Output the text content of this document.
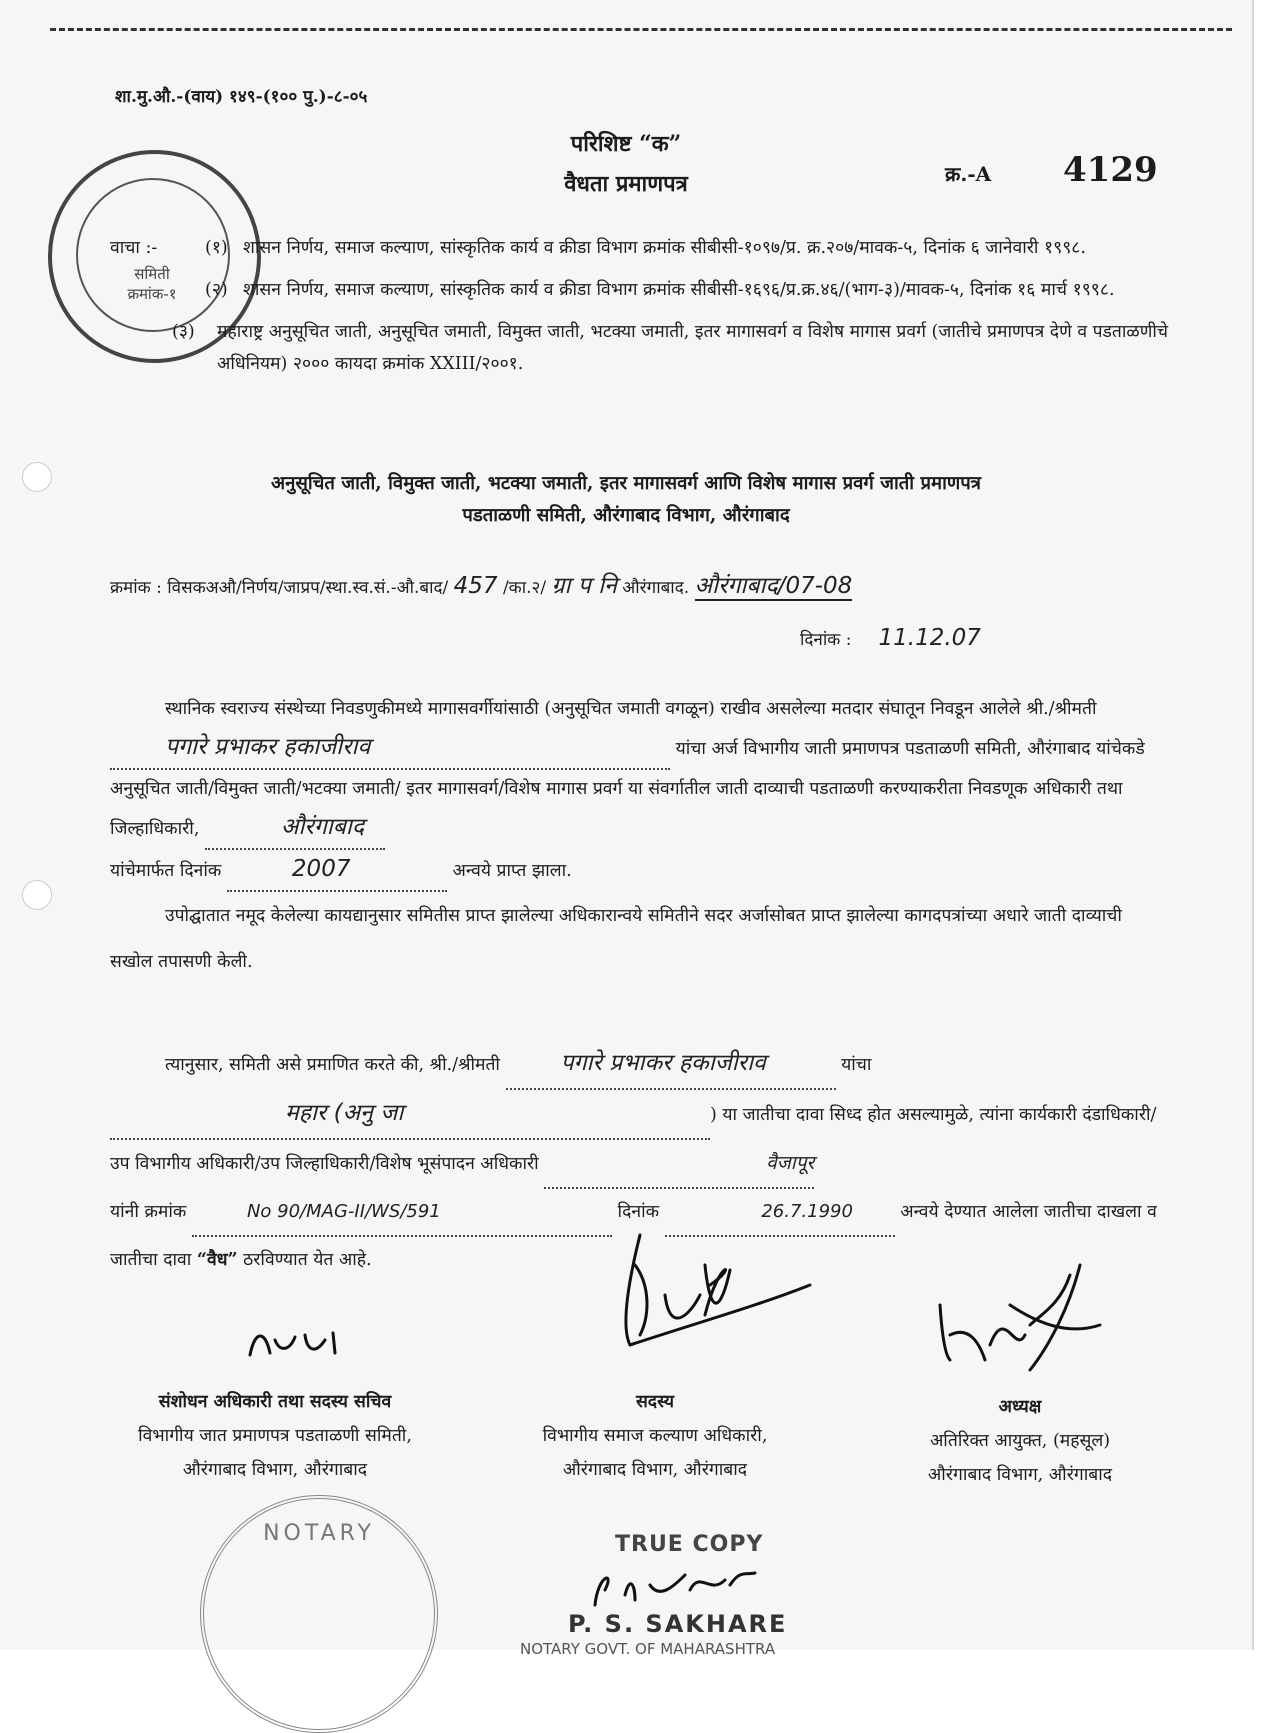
समिती
क्रमांक-१
शा.मु.औ.-(वाय) १४९-(१०० पु.)-८-०५
परिशिष्ट “क”
वैधता प्रमाणपत्र	क्र.-A 4129
वाचा :-	(१) शासन निर्णय, समाज कल्याण, सांस्कृतिक कार्य व क्रीडा विभाग क्रमांक सीबीसी-१०९७/प्र. क्र.२०७/मावक-५, दिनांक ६ जानेवारी १९९८.
(२) शासन निर्णय, समाज कल्याण, सांस्कृतिक कार्य व क्रीडा विभाग क्रमांक सीबीसी-१६९६/प्र.क्र.४६/(भाग-३)/मावक-५, दिनांक १६ मार्च १९९८.
(३)	महाराष्ट्र अनुसूचित जाती, अनुसूचित जमाती, विमुक्त जाती, भटक्या जमाती, इतर मागासवर्ग व विशेष मागास प्रवर्ग (जातीचे प्रमाणपत्र देणे व पडताळणीचे अधिनियम) २००० कायदा क्रमांक XXIII/२००१.
अनुसूचित जाती, विमुक्त जाती, भटक्या जमाती, इतर मागासवर्ग आणि विशेष मागास प्रवर्ग जाती प्रमाणपत्र
पडताळणी समिती, औरंगाबाद विभाग, औरंगाबाद
क्रमांक : विसकअऔ/निर्णय/जाप्रप/स्था.स्व.सं.-औ.बाद/ 457 /का.२/ ग्रा प नि औरंगाबाद. औरंगाबाद/07-08
दिनांक : 11.12.07
स्थानिक स्वराज्य संस्थेच्या निवडणुकीमध्ये मागासवर्गीयांसाठी (अनुसूचित जमाती वगळून) राखीव असलेल्या मतदार संघातून निवडून आलेले श्री./श्रीमती पगारे प्रभाकर हकाजीराव	यांचा अर्ज विभागीय जाती प्रमाणपत्र पडताळणी समिती, औरंगाबाद यांचेकडे अनुसूचित जाती/विमुक्त जाती/भटक्या जमाती/ इतर मागासवर्ग/विशेष मागास प्रवर्ग या संवर्गातील जाती दाव्याची पडताळणी करण्याकरीता निवडणूक अधिकारी तथा जिल्हाधिकारी,	औरंगाबाद
यांचेमार्फत दिनांक	2007	अन्वये प्राप्त झाला.
उपोद्घातात नमूद केलेल्या कायद्यानुसार समितीस प्राप्त झालेल्या अधिकारान्वये समितीने सदर अर्जासोबत प्राप्त झालेल्या कागदपत्रांच्या अधारे जाती दाव्याची सखोल तपासणी केली.
त्यानुसार, समिती असे प्रमाणित करते की, श्री./श्रीमती	पगारे प्रभाकर हकाजीराव	यांचा
महार (अनु जा	) या जातीचा दावा सिध्द होत असल्यामुळे, त्यांना कार्यकारी दंडाधिकारी/उप विभागीय अधिकारी/उप जिल्हाधिकारी/विशेष भूसंपादन अधिकारी	वैजापूर
यांनी क्रमांक	No 90/MAG-II/WS/591	दिनांक	26.7.1990	अन्वये देण्यात आलेला जातीचा दाखला व जातीचा दावा “वैध” ठरविण्यात येत आहे.
संशोधन अधिकारी तथा सदस्य सचिव
विभागीय जात प्रमाणपत्र पडताळणी समिती,
औरंगाबाद विभाग, औरंगाबाद
सदस्य
विभागीय समाज कल्याण अधिकारी,
औरंगाबाद विभाग, औरंगाबाद
अध्यक्ष
अतिरिक्त आयुक्त, (महसूल)
औरंगाबाद विभाग, औरंगाबाद
NOTARY	TRUE COPY
P. S. SAKHARE
NOTARY GOVT. OF MAHARASHTRA
